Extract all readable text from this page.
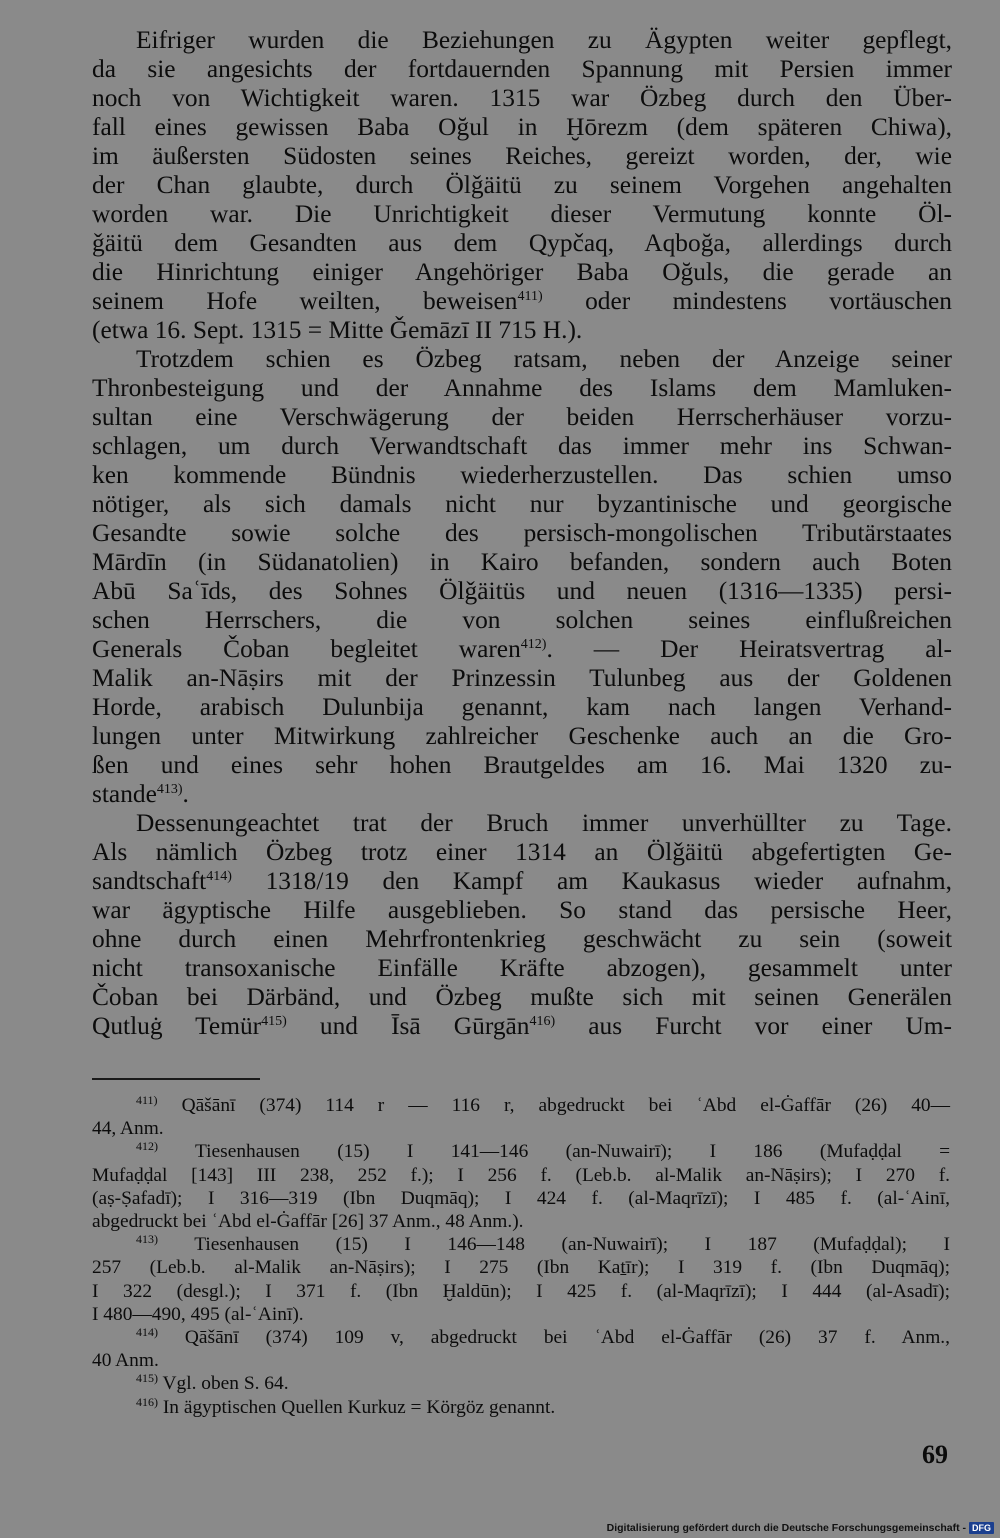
Eifriger wurden die Beziehungen zu Ägypten weiter gepflegt,
da sie angesichts der fortdauernden Spannung mit Persien immer
noch von Wichtigkeit waren. 1315 war Özbeg durch den Über-
fall eines gewissen Baba Oğul in Ḫōrezm (dem späteren Chiwa),
im äußersten Südosten seines Reiches, gereizt worden, der, wie
der Chan glaubte, durch Ölǧäitü zu seinem Vorgehen angehalten
worden war. Die Unrichtigkeit dieser Vermutung konnte Öl-
ǧäitü dem Gesandten aus dem Qypčaq, Aqboğa, allerdings durch
die Hinrichtung einiger Angehöriger Baba Oğuls, die gerade an
seinem Hofe weilten, beweisen$^{411)}$ oder mindestens vortäuschen
(etwa 16. Sept. 1315 = Mitte Ǧemāzī II 715 H.).
Trotzdem schien es Özbeg ratsam, neben der Anzeige seiner
Thronbesteigung und der Annahme des Islams dem Mamluken-
sultan eine Verschwägerung der beiden Herrscherhäuser vorzu-
schlagen, um durch Verwandtschaft das immer mehr ins Schwan-
ken kommende Bündnis wiederherzustellen. Das schien umso
nötiger, als sich damals nicht nur byzantinische und georgische
Gesandte sowie solche des persisch-mongolischen Tributärstaates
Mārdīn (in Südanatolien) in Kairo befanden, sondern auch Boten
Abū Saʿīds, des Sohnes Ölǧäitüs und neuen (1316—1335) persi-
schen Herrschers, die von solchen seines einflußreichen
Generals Čoban begleitet waren$^{412)}$. — Der Heiratsvertrag al-
Malik an-Nāṣirs mit der Prinzessin Tulunbeg aus der Goldenen
Horde, arabisch Dulunbija genannt, kam nach langen Verhand-
lungen unter Mitwirkung zahlreicher Geschenke auch an die Gro-
ßen und eines sehr hohen Brautgeldes am 16. Mai 1320 zu-
stande$^{413)}$.
Dessenungeachtet trat der Bruch immer unverhüllter zu Tage.
Als nämlich Özbeg trotz einer 1314 an Ölǧäitü abgefertigten Ge-
sandtschaft$^{414)}$ 1318/19 den Kampf am Kaukasus wieder aufnahm,
war ägyptische Hilfe ausgeblieben. So stand das persische Heer,
ohne durch einen Mehrfrontenkrieg geschwächt zu sein (soweit
nicht transoxanische Einfälle Kräfte abzogen), gesammelt unter
Čoban bei Därbänd, und Özbeg mußte sich mit seinen Generälen
Qutluġ Temür$^{415)}$ und Īsā Gūrgān$^{416)}$ aus Furcht vor einer Um-
$^{411)}$ Qāšānī (374) 114 r — 116 r, abgedruckt bei ʿAbd el-Ġaffār (26) 40—
44, Anm.
$^{412)}$ Tiesenhausen (15) I 141—146 (an-Nuwairī); I 186 (Mufaḍḍal =
Mufaḍḍal [143] III 238, 252 f.); I 256 f. (Leb.b. al-Malik an-Nāṣirs); I 270 f.
(aṣ-Ṣafadī); I 316—319 (Ibn Duqmāq); I 424 f. (al-Maqrīzī); I 485 f. (al-ʿAinī,
abgedruckt bei ʿAbd el-Ġaffār [26] 37 Anm., 48 Anm.).
$^{413)}$ Tiesenhausen (15) I 146—148 (an-Nuwairī); I 187 (Mufaḍḍal); I
257 (Leb.b. al-Malik an-Nāṣirs); I 275 (Ibn Kaṯīr); I 319 f. (Ibn Duqmāq);
I 322 (desgl.); I 371 f. (Ibn Ḫaldūn); I 425 f. (al-Maqrīzī); I 444 (al-Asadī);
I 480—490, 495 (al-ʿAinī).
$^{414)}$ Qāšānī (374) 109 v, abgedruckt bei ʿAbd el-Ġaffār (26) 37 f. Anm.,
40 Anm.
$^{415)}$ Vgl. oben S. 64.
$^{416)}$ In ägyptischen Quellen Kurkuz = Körgöz genannt.
69
Digitalisierung gefördert durch die Deutsche Forschungsgemeinschaft - DFG
